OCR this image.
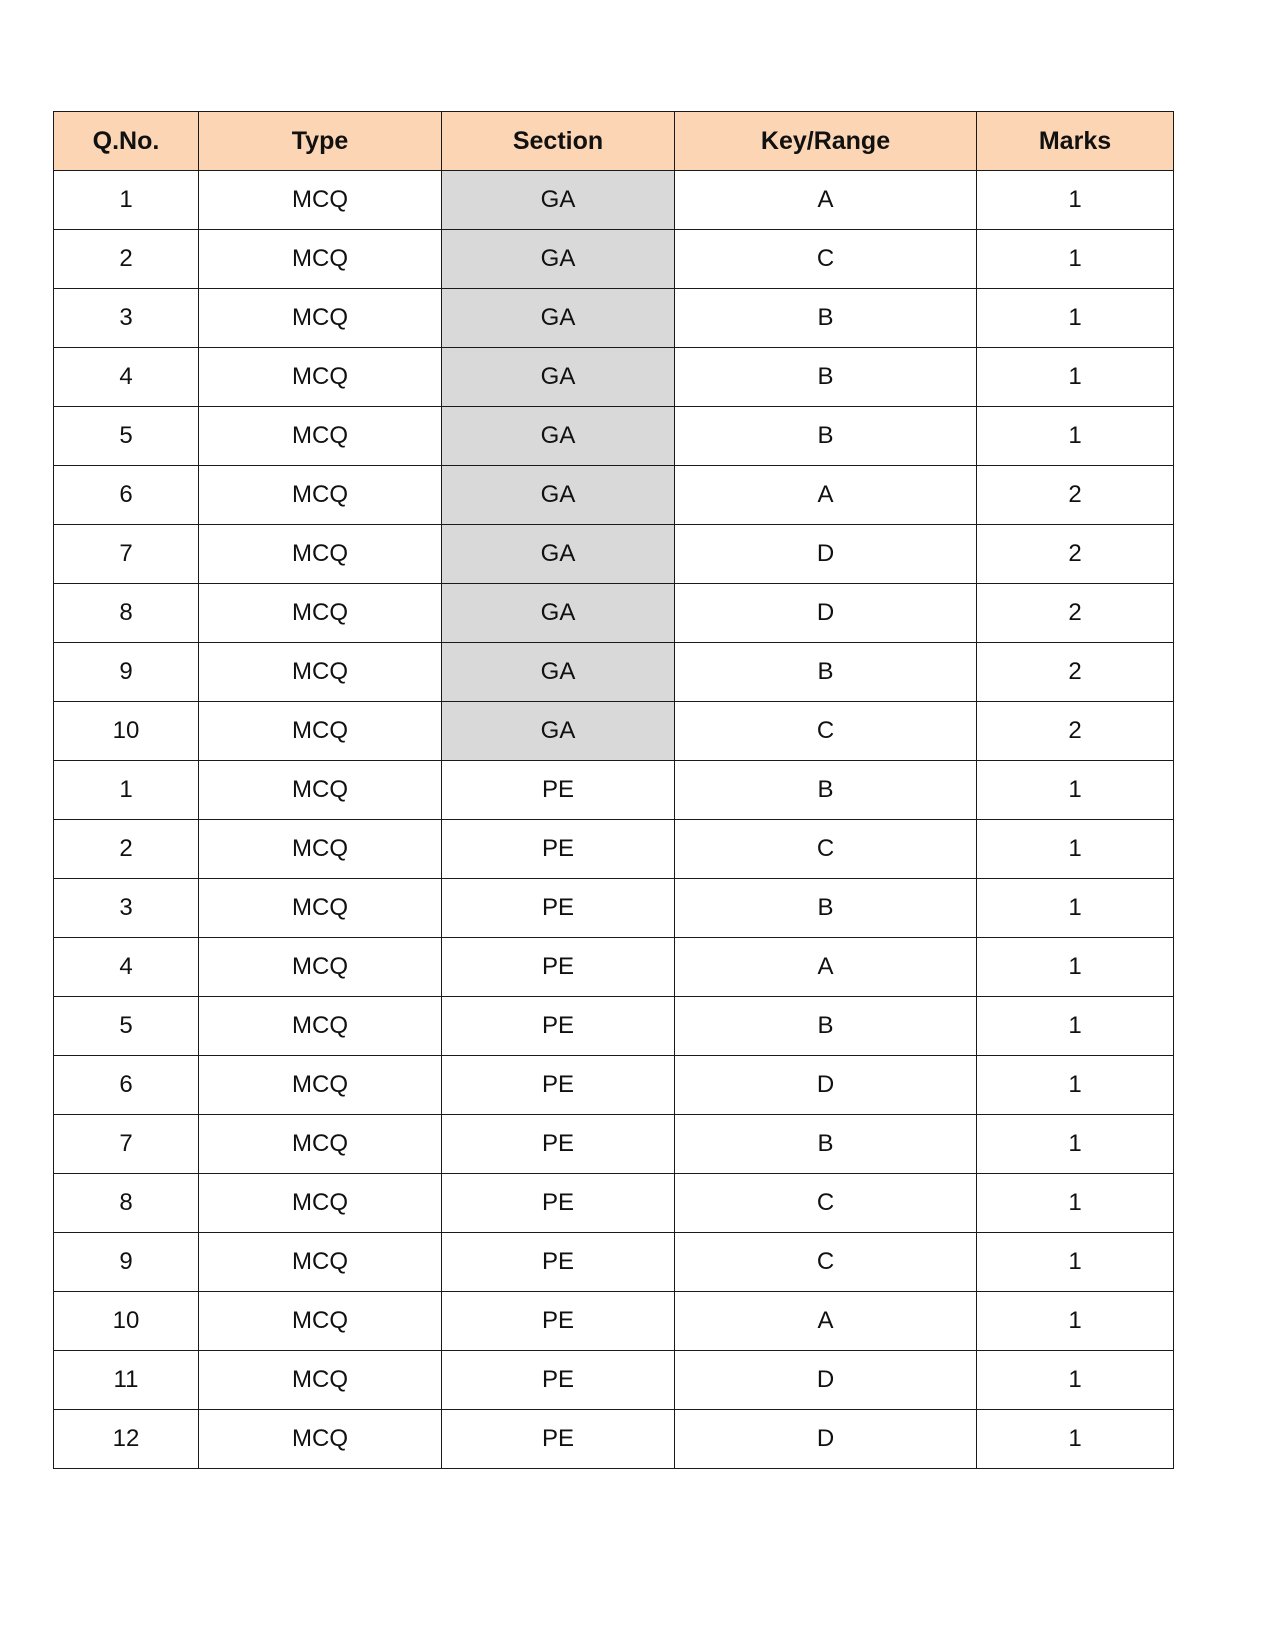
Q.No.	Type	Section	Key/Range	Marks
1	MCQ	GA	A	1
2	MCQ	GA	C	1
3	MCQ	GA	B	1
4	MCQ	GA	B	1
5	MCQ	GA	B	1
6	MCQ	GA	A	2
7	MCQ	GA	D	2
8	MCQ	GA	D	2
9	MCQ	GA	B	2
10	MCQ	GA	C	2
1	MCQ	PE	B	1
2	MCQ	PE	C	1
3	MCQ	PE	B	1
4	MCQ	PE	A	1
5	MCQ	PE	B	1
6	MCQ	PE	D	1
7	MCQ	PE	B	1
8	MCQ	PE	C	1
9	MCQ	PE	C	1
10	MCQ	PE	A	1
11	MCQ	PE	D	1
12	MCQ	PE	D	1
